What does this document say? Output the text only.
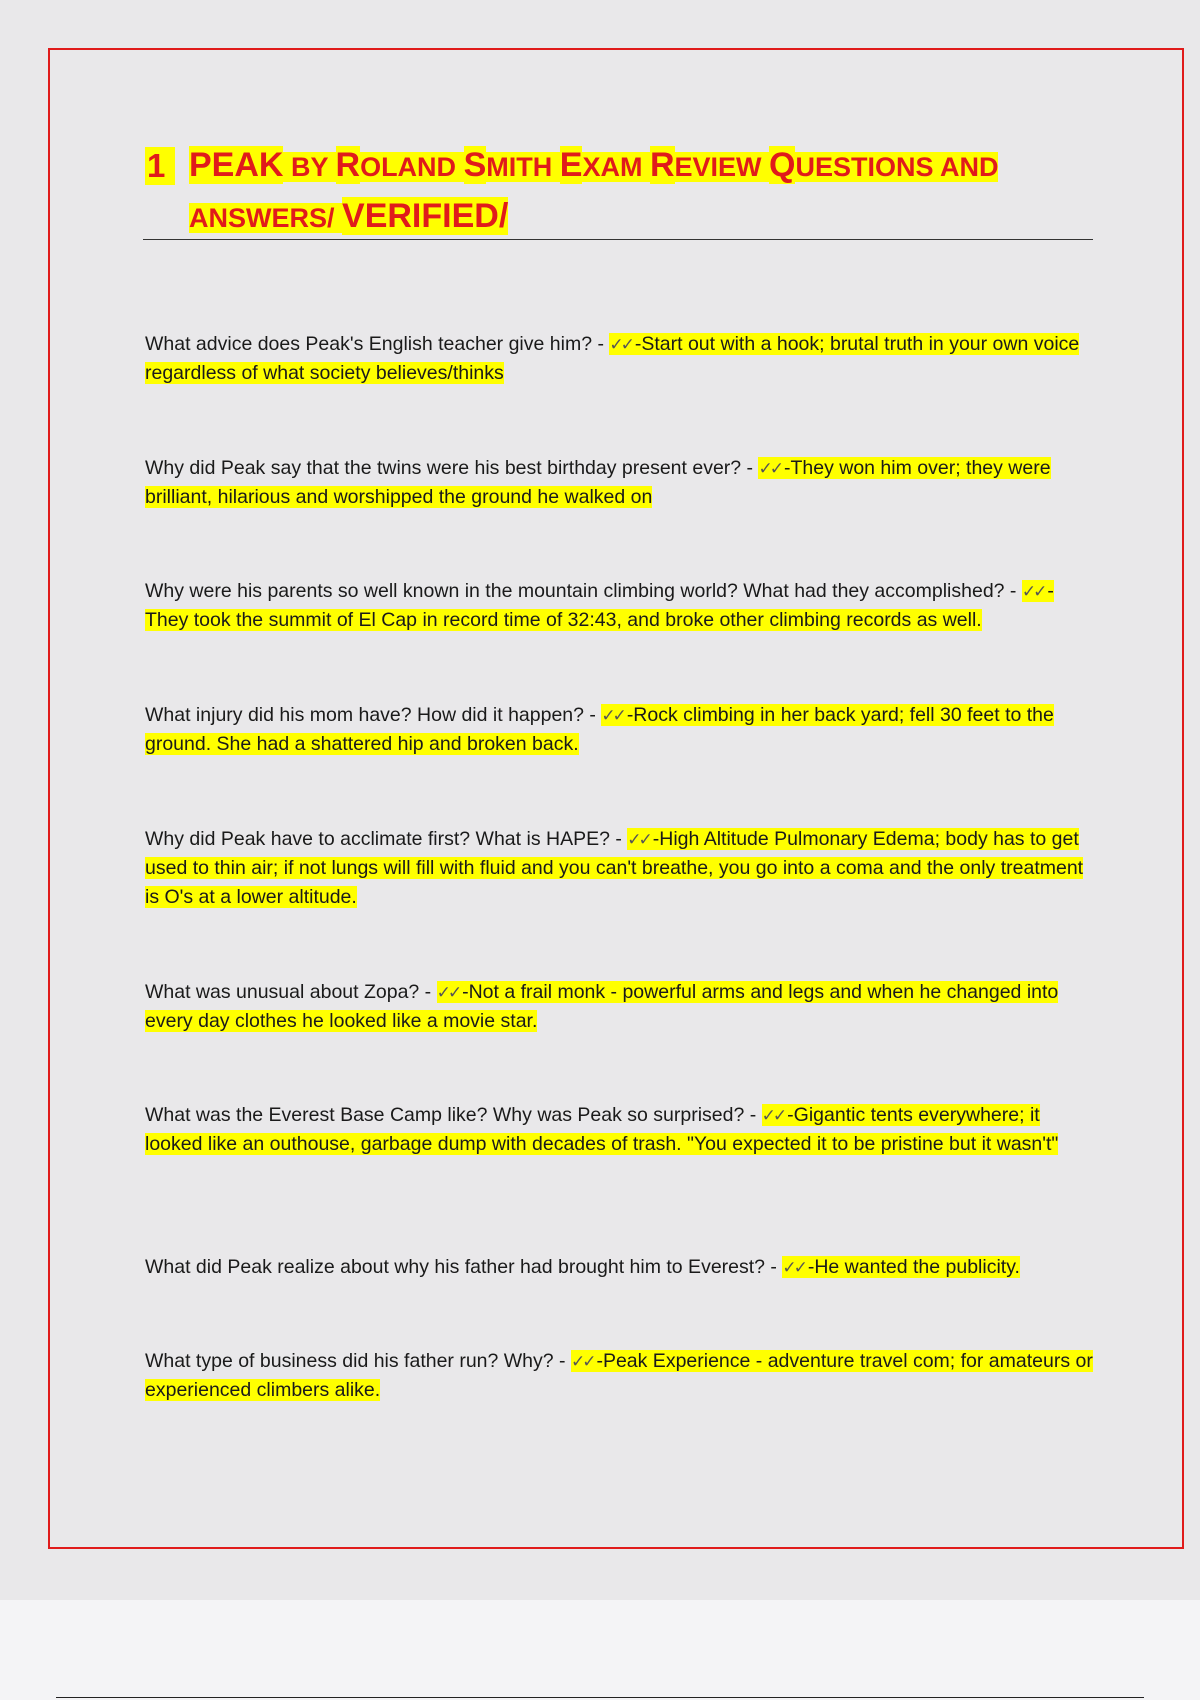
1 PEAK BY ROLAND SMITH EXAM REVIEW QUESTIONS AND ANSWERS/ VERIFIED/
What advice does Peak's English teacher give him? - ✓✓ -Start out with a hook; brutal truth in your own voice regardless of what society believes/thinks
Why did Peak say that the twins were his best birthday present ever? - ✓✓ -They won him over; they were brilliant, hilarious and worshipped the ground he walked on
Why were his parents so well known in the mountain climbing world? What had they accomplished? - ✓✓ -They took the summit of El Cap in record time of 32:43, and broke other climbing records as well.
What injury did his mom have? How did it happen? - ✓✓ -Rock climbing in her back yard; fell 30 feet to the ground. She had a shattered hip and broken back.
Why did Peak have to acclimate first? What is HAPE? - ✓✓ -High Altitude Pulmonary Edema; body has to get used to thin air; if not lungs will fill with fluid and you can't breathe, you go into a coma and the only treatment is O's at a lower altitude.
What was unusual about Zopa? - ✓✓ -Not a frail monk - powerful arms and legs and when he changed into every day clothes he looked like a movie star.
What was the Everest Base Camp like? Why was Peak so surprised? - ✓✓ -Gigantic tents everywhere; it looked like an outhouse, garbage dump with decades of trash. "You expected it to be pristine but it wasn't"
What did Peak realize about why his father had brought him to Everest? - ✓✓ -He wanted the publicity.
What type of business did his father run? Why? - ✓✓ -Peak Experience - adventure travel com; for amateurs or experienced climbers alike.
